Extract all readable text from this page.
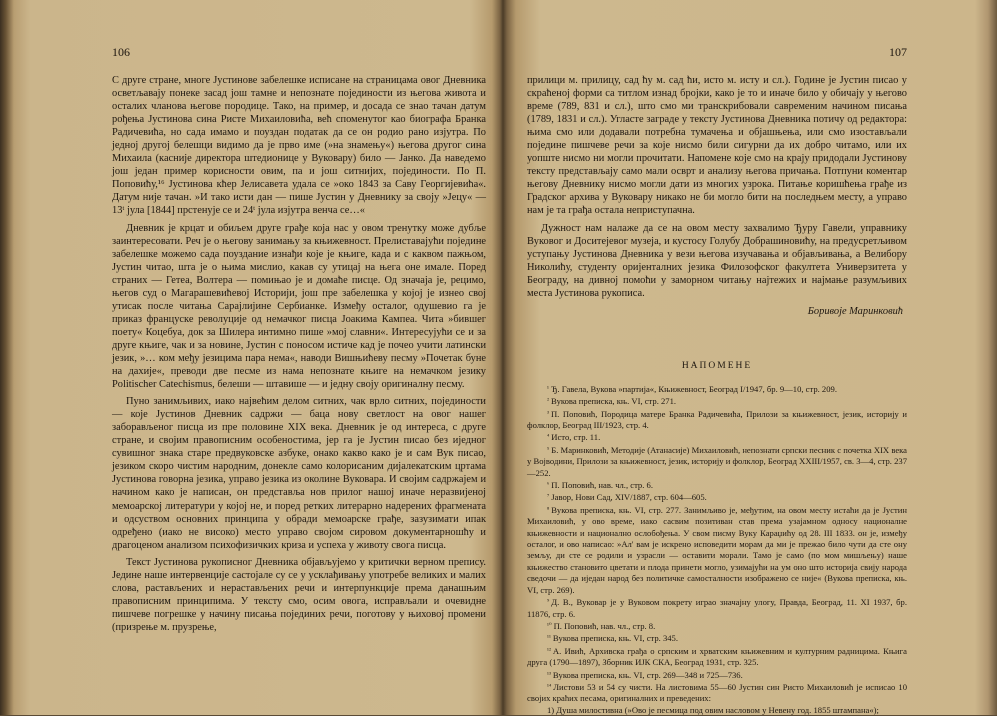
106

С друге стране, многе Јустинове забелешке исписане на страницама овог Дневника осветљавају понеке засад још тамне и непознате појединости из његова живота и осталих чланова његове породице. Тако, на пример, и досада се знао тачан датум рођења Јустинова сина Ристе Михаиловића, већ споменутог као биографа Бранка Радичевића, но сада имамо и поуздан податак да се он родио рано изјутра. По једној другој белешци видимо да је прво име (»на знамењу«) његова другог сина Михаила (касније директора штедионице у Вуковару) било — Јанко. Да наведемо још један пример корисности овим, па и још ситнијих, појединости. По П. Поповићу,¹⁶ Јустинова кћер Јелисавета удала се »око 1843 за Саву Георгијевића«. Датум није тачан. »И тако исти дан — пише Јустин у Дневнику за своју »Јецу« — 13ᵗ јула [1844] прстенује се и 24ᵗ јула изјутра венча се…«

Дневник је крцат и обиљем друге грађе која нас у овом тренутку може дубље заинтересовати. Реч је о његову занимању за књижевност. Прелиставајући поједине забелешке можемо сада поуздание изнађи које је књиге, када и с каквом пажњом, Јустин читао, шта је о њима мислио, какав су утицај на њега оне имале. Поред страних — Гетеа, Волтера — помињао је и домаће писце. Од значаја је, рецимо, његов суд о Магарашевићевој Историји, још пре забелешка у којој је изнео свој утисак после читања Сарајлијине Сербианке. Између осталог, одушевио га је приказ француске револуције од немачког писца Јоакима Кампеа. Чита »бившег поету« Коцебуа, док за Шилера интимно пише »мој славни«. Интересујући се и за друге књиге, чак и за новине, Јустин с поносом истиче кад је почео учити латински језик, »… ком међу језицима пара нема«, наводи Вишњићеву песму »Почетак буне на дахије«, преводи две песме из нама непознате књиге на немачком језику Politischer Catechismus, белеши — штавише — и једну своју оригиналну песму.

Пуно занимљивих, иако највећим делом ситних, чак врло ситних, појединости — које Јустинов Дневник садржи — баца нову светлост на овог нашег заборављеног писца из пре половине XIX века. Дневник је од интереса, с друге стране, и својим правописним особеностима, јер га је Јустин писао без иједног сувишног знака старе предвуковске азбуке, онако какво како је и сам Вук писао, језиком скоро чистим народним, донекле само колорисаним дијалекатским цртама Јустинова говорна језика, управо језика из околине Вуковара. И својим садржајем и начином како је написан, он представља нов прилог нашој иначе неразвијеној мемоарској литератури у којој не, и поред ретких литерарно надерених фрагмената и одсуством основних принципа у обради мемоарске грађе, зазузимати ипак одређено (иако не високо) место управо својом сировом документарношћу и драгоценом анализом психофизичких криза и успеха у животу свога писца.

Текст Јустинова рукописног Дневника објављујемо у критички верном препису. Једине наше интервенције састојале су се у усклађивању употребе великих и малих слова, растављених и нерастављених речи и интерпункције према данашњим правописним принципима. У тексту смо, осим овога, исправљали и очевидне пишчеве погрешке у начину писања појединих речи, поготову у њиховој промени (призрење м. прузрење,

107

прилици м. прилицу, сад ћу м. сад ћи, исто м. исту и сл.). Године је Јустин писао у скраћеној форми са титлом изнад бројки, како је то и иначе било у обичају у његово време (789, 831 и сл.), што смо ми транскрибовали савременим начином писања (1789, 1831 и сл.). Угласте заграде у тексту Јустинова Дневника потичу од редактора: њима смо или додавали потребна тумачења и објашњења, или смо изостављали поједине пишчеве речи за које нисмо били сигурни да их добро читамо, или их уопште нисмо ни могли прочитати. Напомене које смо на крају придодали Јустинову тексту представљају само мали осврт и анализу његова причања. Потпуни коментар његову Дневнику нисмо могли дати из многих узрока. Питање коришћења грађе из Градског архива у Вуковару никако не би могло бити на последњем месту, а управо нам је та грађа остала неприступачна.

Дужност нам налаже да се на овом месту захвалимо Ђуру Гавели, управнику Вуковог и Доситејевог музеја, и кустосу Голубу Добрашиновићу, на предусретљивом уступању Јустинова Дневника у вези његова изучавања и објављивања, а Велибору Николићу, студенту оријенталних језика Филозофског факултета Универзитета у Београду, на дивној помоћи у заморном читању најтежих и најмање разумљивих места Јустинова рукописа.

Боривоје Маринковић
НАПОМЕНЕ

$^{^1}$ Ђ. Гавела, Вукова »партија«, Књижевност, Београд I/1947, бр. 9—10, стр. 209.

$^{^2}$ Вукова преписка, књ. VI, стр. 271.

$^{^3}$ П. Поповић, Породица матере Бранка Радичевића, Прилози за књижевност, језик, историју и фолклор, Београд III/1923, стр. 4.

$^{^4}$ Исто, стр. 11.

$^{^5}$ Б. Маринковић, Методије (Атанасије) Михаиловић, непознати српски песник с почетка XIX века у Војводини, Прилози за књижевност, језик, историју и фолклор, Београд XXIII/1957, св. 3—4, стр. 237—252.

$^{^6}$ П. Поповић, нав. чл., стр. 6.

$^{^7}$ Јавор, Нови Сад, XIV/1887, стр. 604—605.

$^{^8}$ Вукова преписка, књ. VI, стр. 277. Занимљиво је, међутим, на овом месту истаћи да је Јустин Михаиловић, у ово време, иако сасвим позитиван став према узајамном односу националне књижевности и национално ослобођења. У свом писму Вуку Караџићу од 28. III 1833. он је, између осталог, и ово написао: »Ал' вам је искрено исповедити морам да ми је прежао било чути да сте ону земљу, ди сте се родили и узрасли — оставити морали. Тамо је само (по мом мишљењу) наше књижество становито цветати и плода принети могло, узимајући на ум оно што историја свију народа сведочи — да иједан народ без политичке самосталности изображено се није« (Вукова преписка, књ. VI, стр. 269).

$^{^9}$ Д. В., Вуковар је у Вуковом покрету играо значајну улогу, Правда, Београд, 11. XI 1937, бр. 11876, стр. 6.

$^{^{10}}$ П. Поповић, нав. чл., стр. 8.

$^{^{11}}$ Вукова преписка, књ. VI, стр. 345.

$^{^{12}}$ А. Ивић, Архивска грађа о српским и хрватским књижевним и културним радницима. Књига друга (1790—1897), Зборник ИЈК СКА, Београд 1931, стр. 325.

$^{^{13}}$ Вукова преписка, књ. VI, стр. 269—348 и 725—736.

$^{^{14}}$ Листови 53 и 54 су чисти. На листовима 55—60 Јустин син Ристо Михаиловић је исписао 10 својих краћих песама, оригиналних и преведених:

1) Душа милостивна (»Ово је песмица под овим насловом у Невену год. 1855 штампана«);
